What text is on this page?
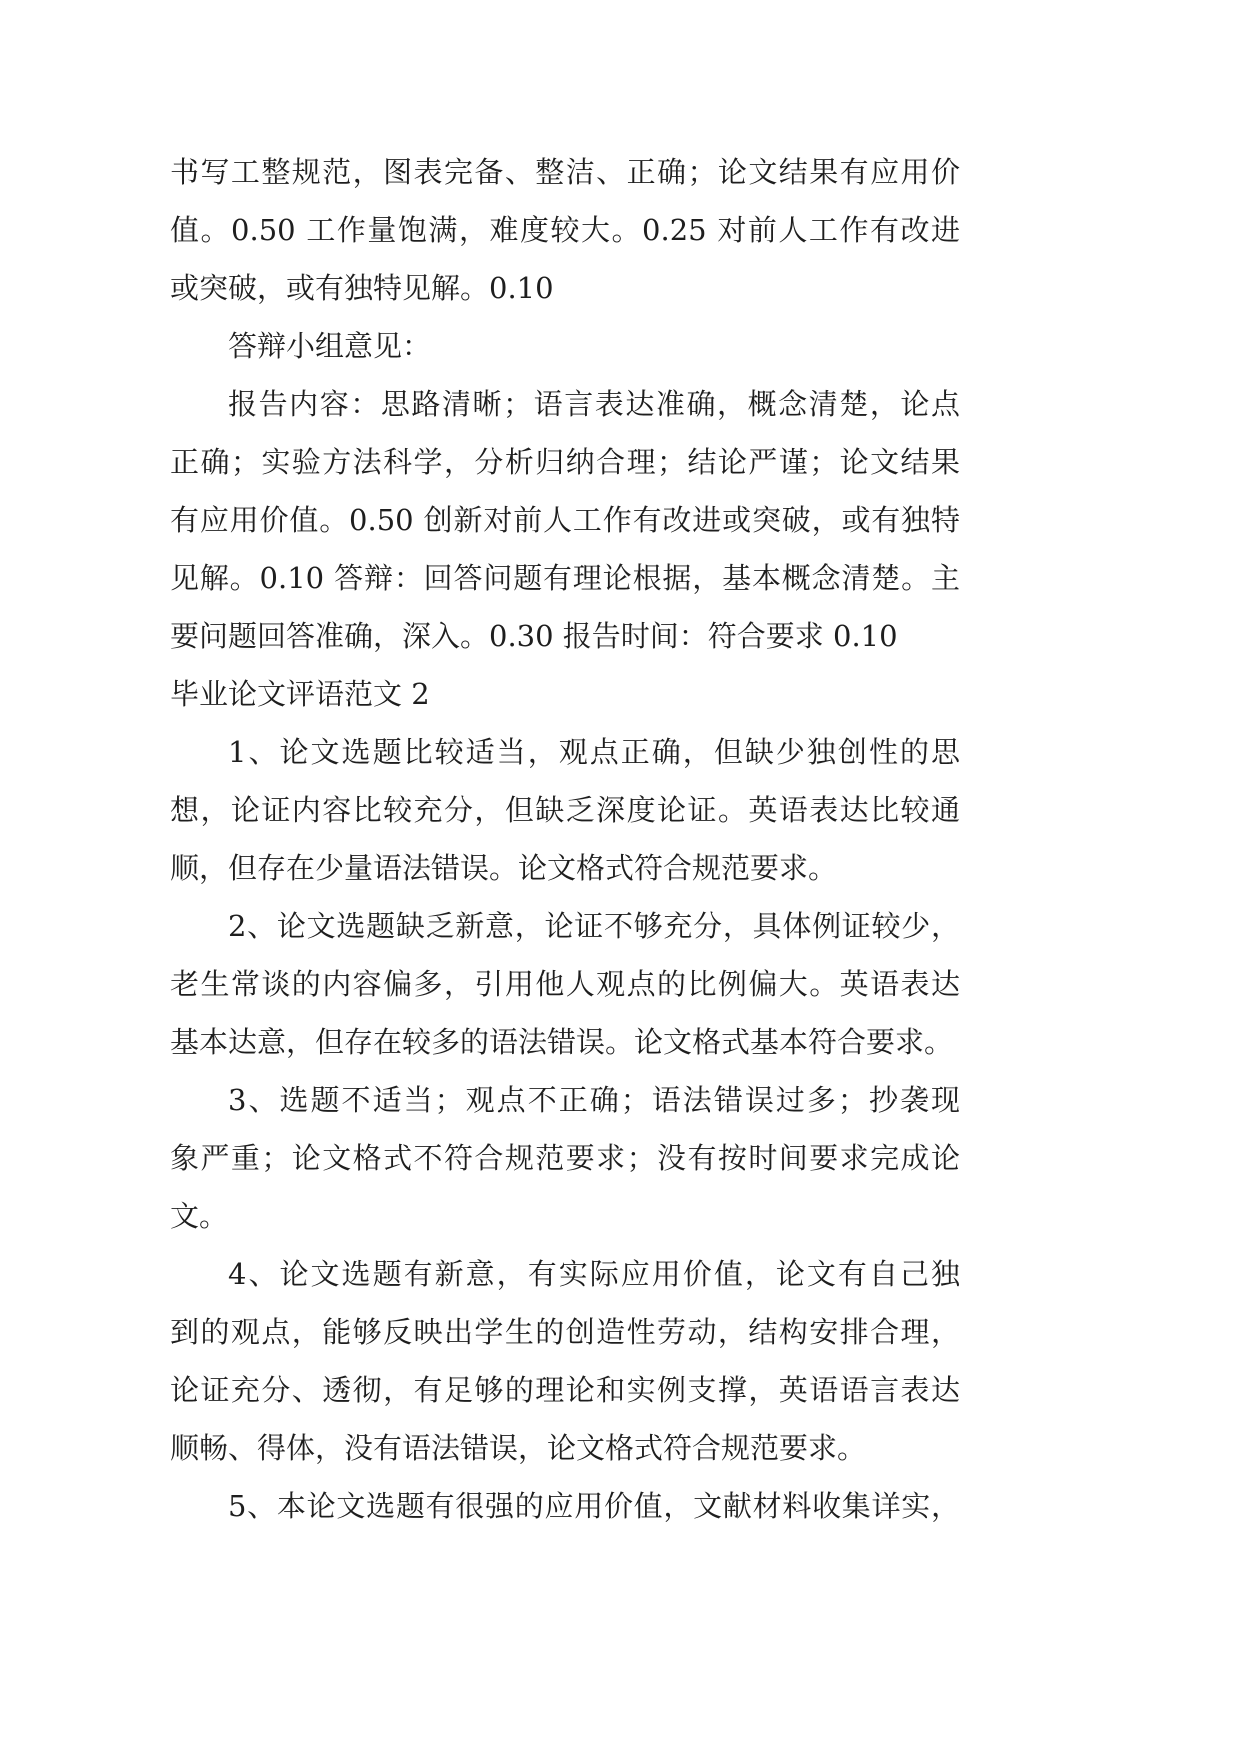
书写工整规范，图表完备、整洁、正确；论文结果有应用价
值。0.50 工作量饱满，难度较大。0.25 对前人工作有改进
或突破，或有独特见解。0.10
答辩小组意见：
报告内容：思路清晰；语言表达准确，概念清楚，论点
正确；实验方法科学，分析归纳合理；结论严谨；论文结果
有应用价值。0.50 创新对前人工作有改进或突破，或有独特
见解。0.10 答辩：回答问题有理论根据，基本概念清楚。主
要问题回答准确，深入。0.30 报告时间：符合要求 0.10
毕业论文评语范文 2
1、论文选题比较适当，观点正确，但缺少独创性的思
想，论证内容比较充分，但缺乏深度论证。英语表达比较通
顺，但存在少量语法错误。论文格式符合规范要求。
2、论文选题缺乏新意，论证不够充分，具体例证较少，
老生常谈的内容偏多，引用他人观点的比例偏大。英语表达
基本达意，但存在较多的语法错误。论文格式基本符合要求。
3、选题不适当；观点不正确；语法错误过多；抄袭现
象严重；论文格式不符合规范要求；没有按时间要求完成论
文。
4、论文选题有新意，有实际应用价值，论文有自己独
到的观点，能够反映出学生的创造性劳动，结构安排合理，
论证充分、透彻，有足够的理论和实例支撑，英语语言表达
顺畅、得体，没有语法错误，论文格式符合规范要求。
5、本论文选题有很强的应用价值，文献材料收集详实，
